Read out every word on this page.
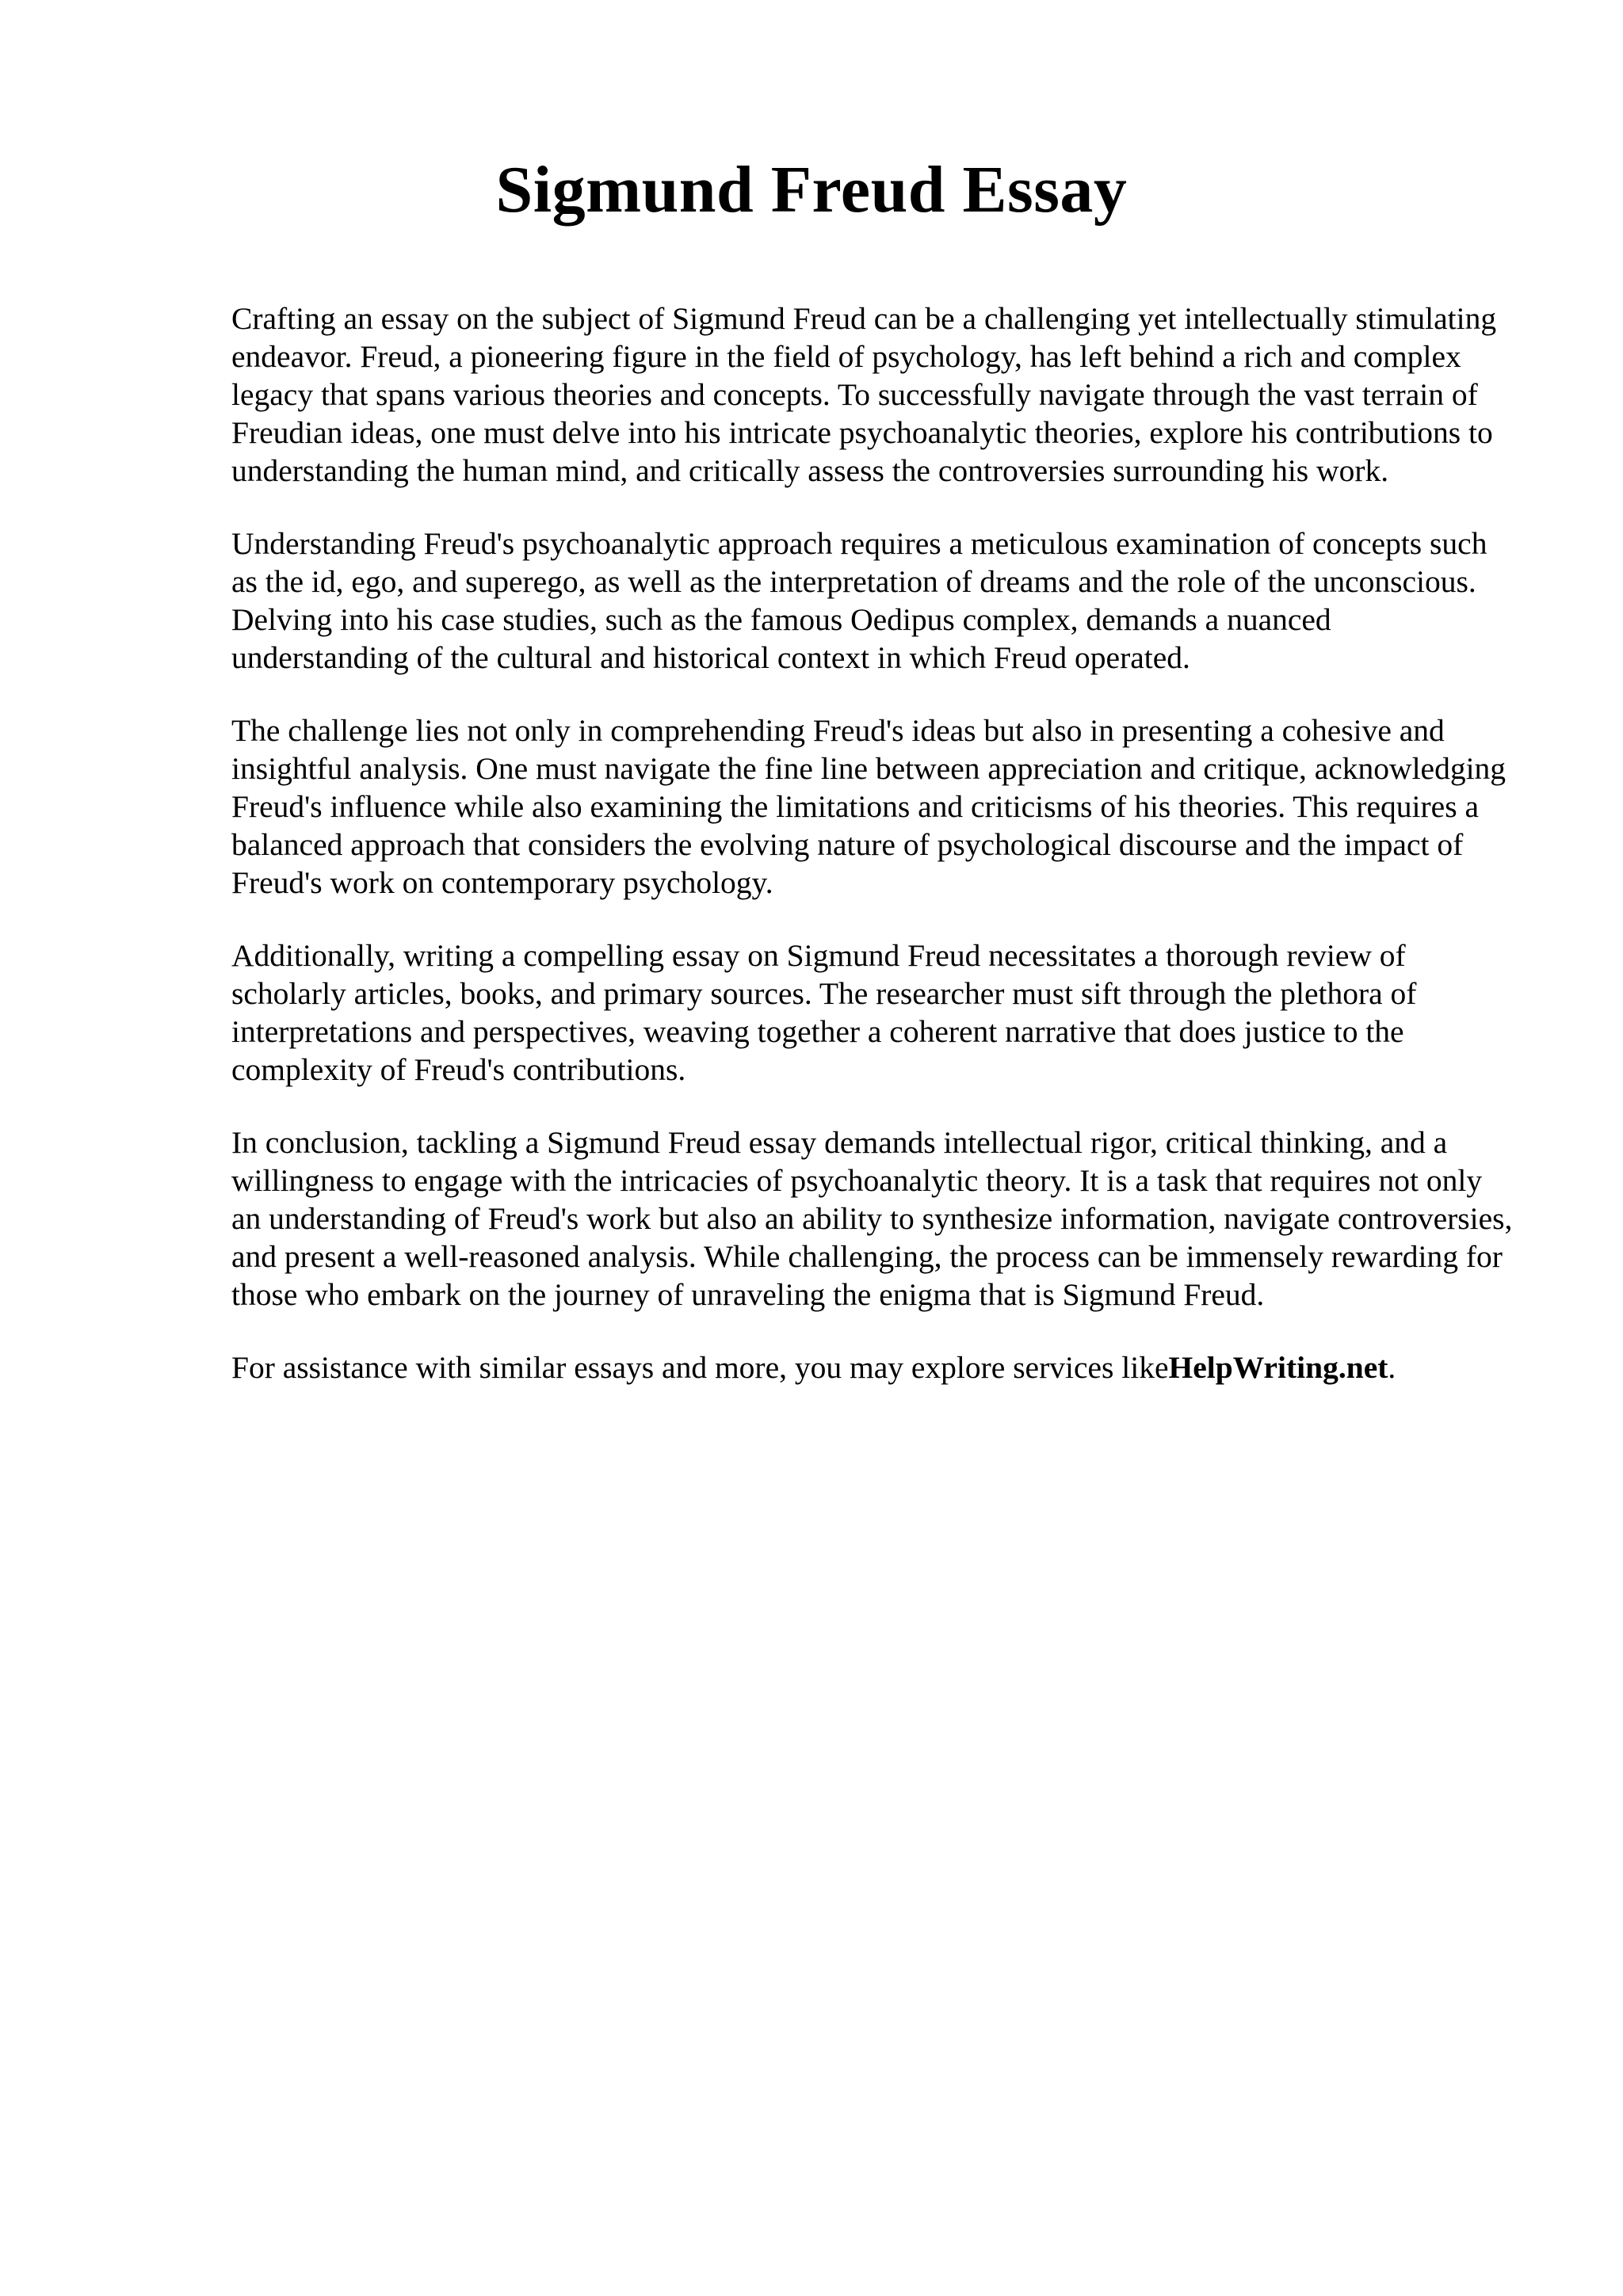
Sigmund Freud Essay

Crafting an essay on the subject of Sigmund Freud can be a challenging yet intellectually stimulating endeavor. Freud, a pioneering figure in the field of psychology, has left behind a rich and complex legacy that spans various theories and concepts. To successfully navigate through the vast terrain of Freudian ideas, one must delve into his intricate psychoanalytic theories, explore his contributions to understanding the human mind, and critically assess the controversies surrounding his work.

Understanding Freud's psychoanalytic approach requires a meticulous examination of concepts such as the id, ego, and superego, as well as the interpretation of dreams and the role of the unconscious. Delving into his case studies, such as the famous Oedipus complex, demands a nuanced understanding of the cultural and historical context in which Freud operated.

The challenge lies not only in comprehending Freud's ideas but also in presenting a cohesive and insightful analysis. One must navigate the fine line between appreciation and critique, acknowledging Freud's influence while also examining the limitations and criticisms of his theories. This requires a balanced approach that considers the evolving nature of psychological discourse and the impact of Freud's work on contemporary psychology.

Additionally, writing a compelling essay on Sigmund Freud necessitates a thorough review of scholarly articles, books, and primary sources. The researcher must sift through the plethora of interpretations and perspectives, weaving together a coherent narrative that does justice to the complexity of Freud's contributions.

In conclusion, tackling a Sigmund Freud essay demands intellectual rigor, critical thinking, and a willingness to engage with the intricacies of psychoanalytic theory. It is a task that requires not only an understanding of Freud's work but also an ability to synthesize information, navigate controversies, and present a well-reasoned analysis. While challenging, the process can be immensely rewarding for those who embark on the journey of unraveling the enigma that is Sigmund Freud.

For assistance with similar essays and more, you may explore services likeHelpWriting.net.
